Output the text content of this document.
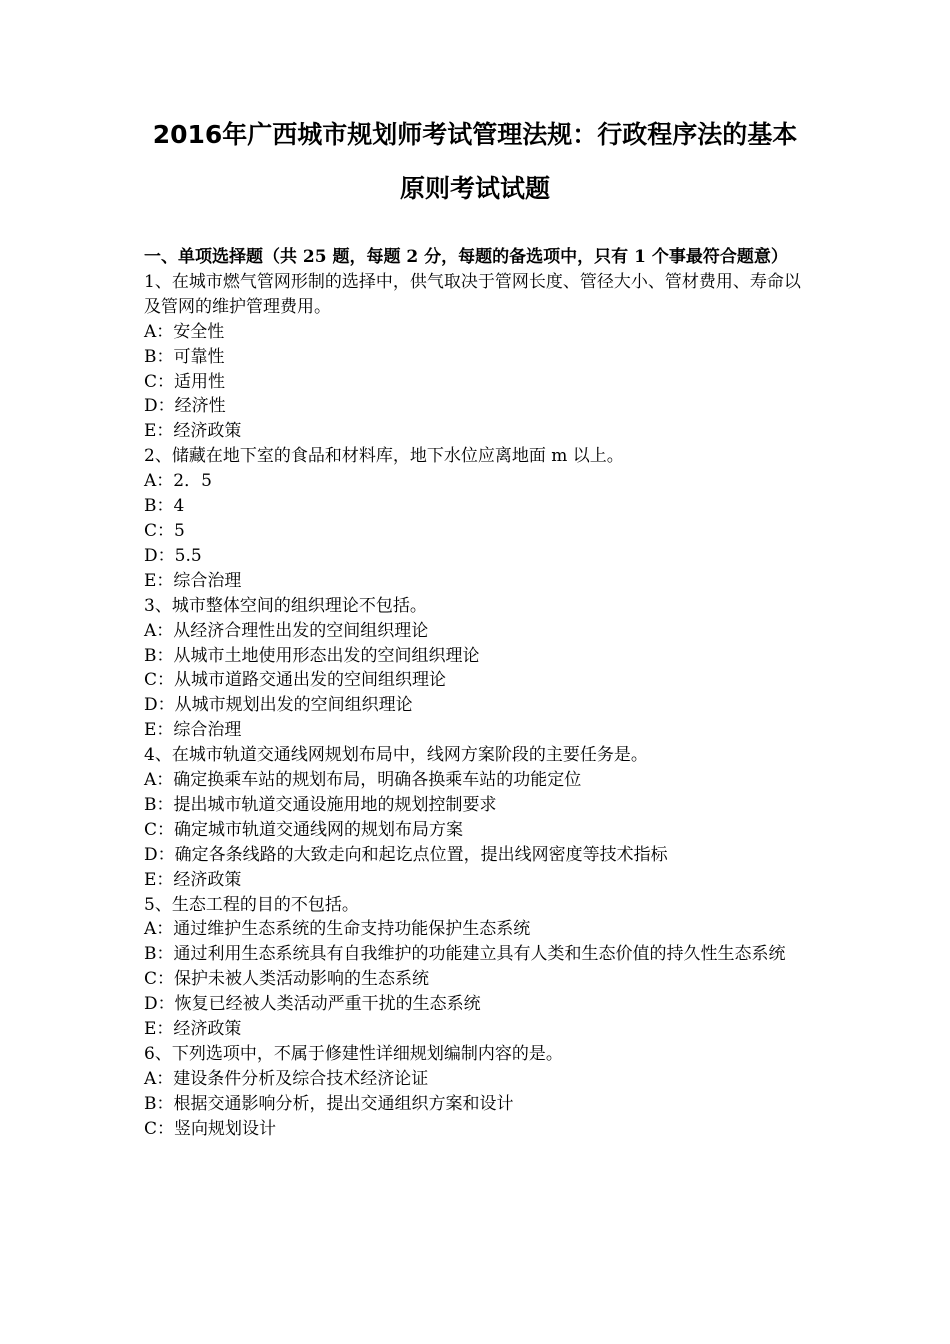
2016年广西城市规划师考试管理法规：行政程序法的基本
原则考试试题

一、单项选择题（共 25 题，每题 2 分，每题的备选项中，只有 1 个事最符合题意）

1、在城市燃气管网形制的选择中，供气取决于管网长度、管径大小、管材费用、寿命以及管网的维护管理费用。

A：安全性

B：可靠性

C：适用性

D：经济性

E：经济政策

2、储藏在地下室的食品和材料库，地下水位应离地面 m 以上。

A：2．5

B：4

C：5

D：5.5

E：综合治理

3、城市整体空间的组织理论不包括。

A：从经济合理性出发的空间组织理论

B：从城市土地使用形态出发的空间组织理论

C：从城市道路交通出发的空间组织理论

D：从城市规划出发的空间组织理论

E：综合治理

4、在城市轨道交通线网规划布局中，线网方案阶段的主要任务是。

A：确定换乘车站的规划布局，明确各换乘车站的功能定位

B：提出城市轨道交通设施用地的规划控制要求

C：确定城市轨道交通线网的规划布局方案

D：确定各条线路的大致走向和起讫点位置，提出线网密度等技术指标

E：经济政策

5、生态工程的目的不包括。

A：通过维护生态系统的生命支持功能保护生态系统

B：通过利用生态系统具有自我维护的功能建立具有人类和生态价值的持久性生态系统

C：保护未被人类活动影响的生态系统

D：恢复已经被人类活动严重干扰的生态系统

E：经济政策

6、下列选项中，不属于修建性详细规划编制内容的是。

A：建设条件分析及综合技术经济论证

B：根据交通影响分析，提出交通组织方案和设计

C：竖向规划设计
